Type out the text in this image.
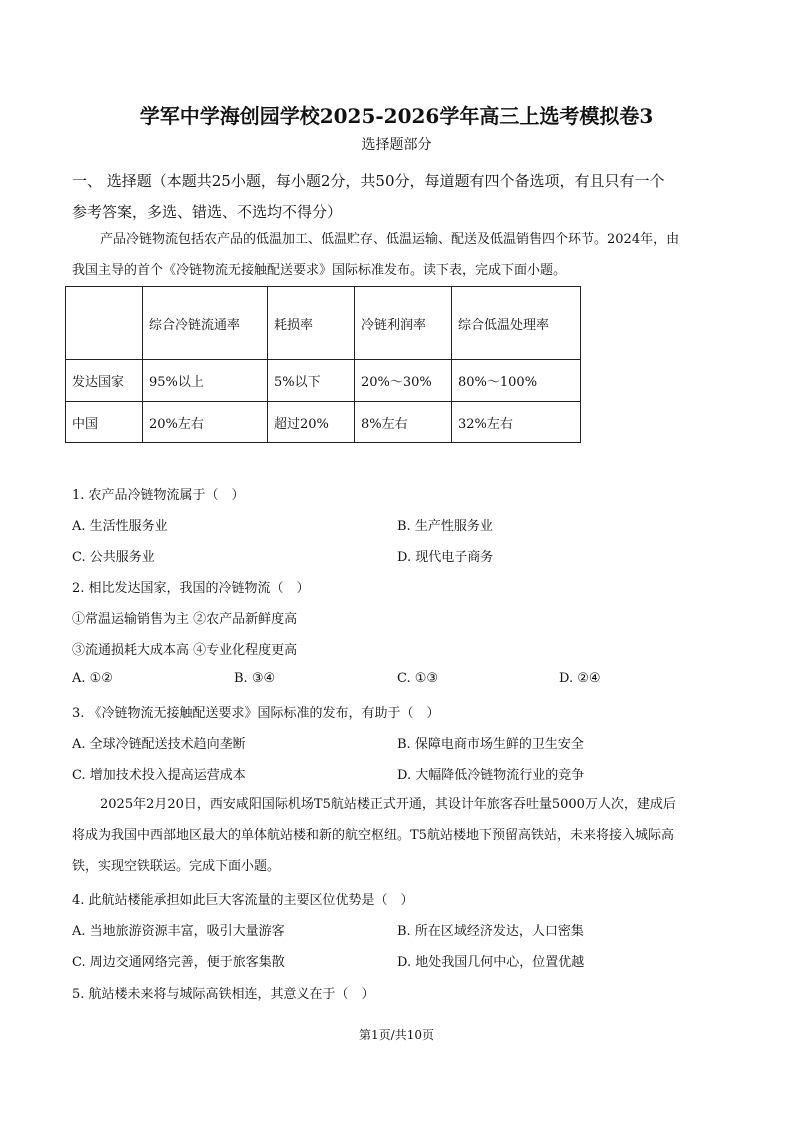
学军中学海创园学校2025-2026学年高三上选考模拟卷3
选择题部分
一、 选择题（本题共25小题，每小题2分，共50分，每道题有四个备选项，有且只有一个
参考答案，多选、错选、不选均不得分）
产品冷链物流包括农产品的低温加工、低温贮存、低温运输、配送及低温销售四个环节。2024年，由
我国主导的首个《冷链物流无接触配送要求》国际标准发布。读下表，完成下面小题。
	综合冷链流通率	耗损率	冷链利润率	综合低温处理率
发达国家	95%以上	5%以下	20%～30%	80%～100%
中国	20%左右	超过20%	8%左右	32%左右
1. 农产品冷链物流属于（　）
A. 生活性服务业	B. 生产性服务业
C. 公共服务业	D. 现代电子商务
2. 相比发达国家，我国的冷链物流（　）
①常温运输销售为主 ②农产品新鲜度高
③流通损耗大成本高 ④专业化程度更高
A. ①②	B. ③④	C. ①③	D. ②④
3. 《冷链物流无接触配送要求》国际标准的发布，有助于（　）
A. 全球冷链配送技术趋向垄断	B. 保障电商市场生鲜的卫生安全
C. 增加技术投入提高运营成本	D. 大幅降低冷链物流行业的竞争
2025年2月20日，西安咸阳国际机场T5航站楼正式开通，其设计年旅客吞吐量5000万人次，建成后
将成为我国中西部地区最大的单体航站楼和新的航空枢纽。T5航站楼地下预留高铁站，未来将接入城际高
铁，实现空铁联运。完成下面小题。
4. 此航站楼能承担如此巨大客流量的主要区位优势是（　）
A. 当地旅游资源丰富，吸引大量游客	B. 所在区域经济发达，人口密集
C. 周边交通网络完善，便于旅客集散	D. 地处我国几何中心，位置优越
5. 航站楼未来将与城际高铁相连，其意义在于（　）
第1页/共10页
